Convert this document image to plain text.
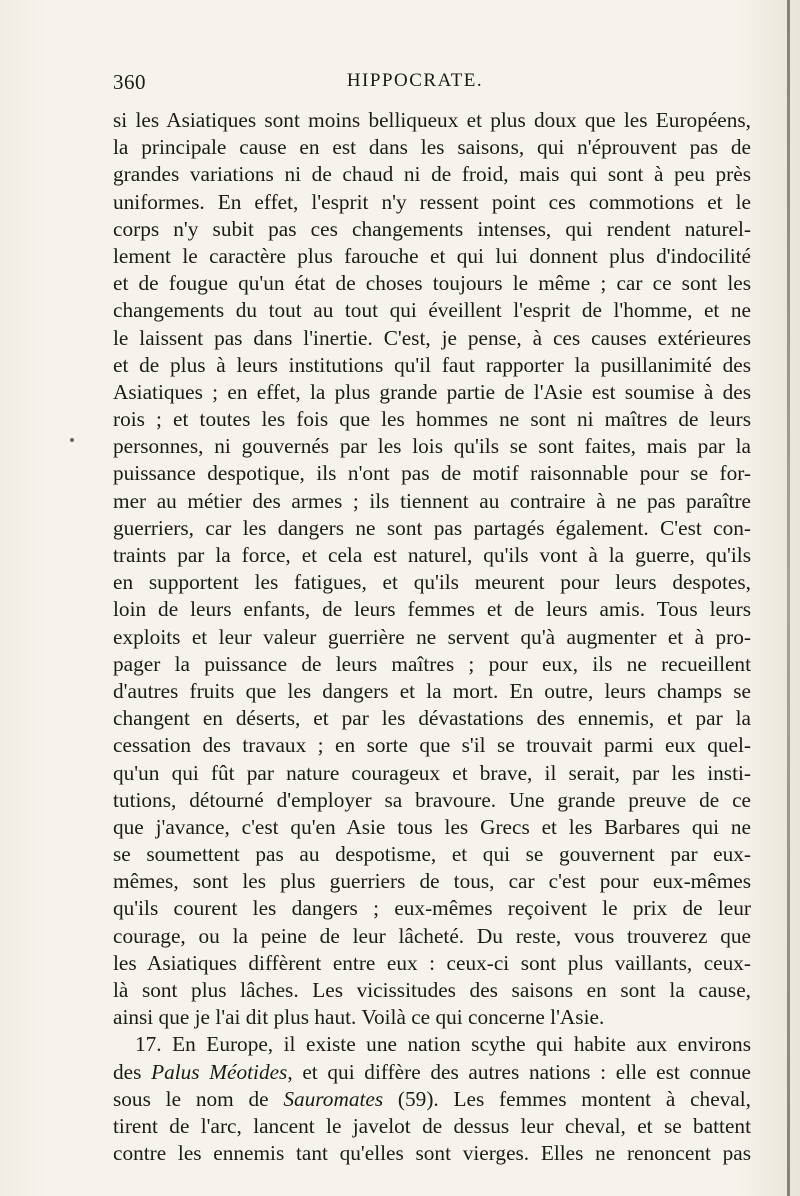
360	HIPPOCRATE.
si les Asiatiques sont moins belliqueux et plus doux que les Européens,
la principale cause en est dans les saisons, qui n'éprouvent pas de
grandes variations ni de chaud ni de froid, mais qui sont à peu près
uniformes. En effet, l'esprit n'y ressent point ces commotions et le
corps n'y subit pas ces changements intenses, qui rendent naturel-
lement le caractère plus farouche et qui lui donnent plus d'indocilité
et de fougue qu'un état de choses toujours le même ; car ce sont les
changements du tout au tout qui éveillent l'esprit de l'homme, et ne
le laissent pas dans l'inertie. C'est, je pense, à ces causes extérieures
et de plus à leurs institutions qu'il faut rapporter la pusillanimité des
Asiatiques ; en effet, la plus grande partie de l'Asie est soumise à des
rois ; et toutes les fois que les hommes ne sont ni maîtres de leurs
personnes, ni gouvernés par les lois qu'ils se sont faites, mais par la
puissance despotique, ils n'ont pas de motif raisonnable pour se for-
mer au métier des armes ; ils tiennent au contraire à ne pas paraître
guerriers, car les dangers ne sont pas partagés également. C'est con-
traints par la force, et cela est naturel, qu'ils vont à la guerre, qu'ils
en supportent les fatigues, et qu'ils meurent pour leurs despotes,
loin de leurs enfants, de leurs femmes et de leurs amis. Tous leurs
exploits et leur valeur guerrière ne servent qu'à augmenter et à pro-
pager la puissance de leurs maîtres ; pour eux, ils ne recueillent
d'autres fruits que les dangers et la mort. En outre, leurs champs se
changent en déserts, et par les dévastations des ennemis, et par la
cessation des travaux ; en sorte que s'il se trouvait parmi eux quel-
qu'un qui fût par nature courageux et brave, il serait, par les insti-
tutions, détourné d'employer sa bravoure. Une grande preuve de ce
que j'avance, c'est qu'en Asie tous les Grecs et les Barbares qui ne
se soumettent pas au despotisme, et qui se gouvernent par eux-
mêmes, sont les plus guerriers de tous, car c'est pour eux-mêmes
qu'ils courent les dangers ; eux-mêmes reçoivent le prix de leur
courage, ou la peine de leur lâcheté. Du reste, vous trouverez que
les Asiatiques diffèrent entre eux : ceux-ci sont plus vaillants, ceux-
là sont plus lâches. Les vicissitudes des saisons en sont la cause,
ainsi que je l'ai dit plus haut. Voilà ce qui concerne l'Asie.
17. En Europe, il existe une nation scythe qui habite aux environs
des Palus Méotides, et qui diffère des autres nations : elle est connue
sous le nom de Sauromates (59). Les femmes montent à cheval,
tirent de l'arc, lancent le javelot de dessus leur cheval, et se battent
contre les ennemis tant qu'elles sont vierges. Elles ne renoncent pas
